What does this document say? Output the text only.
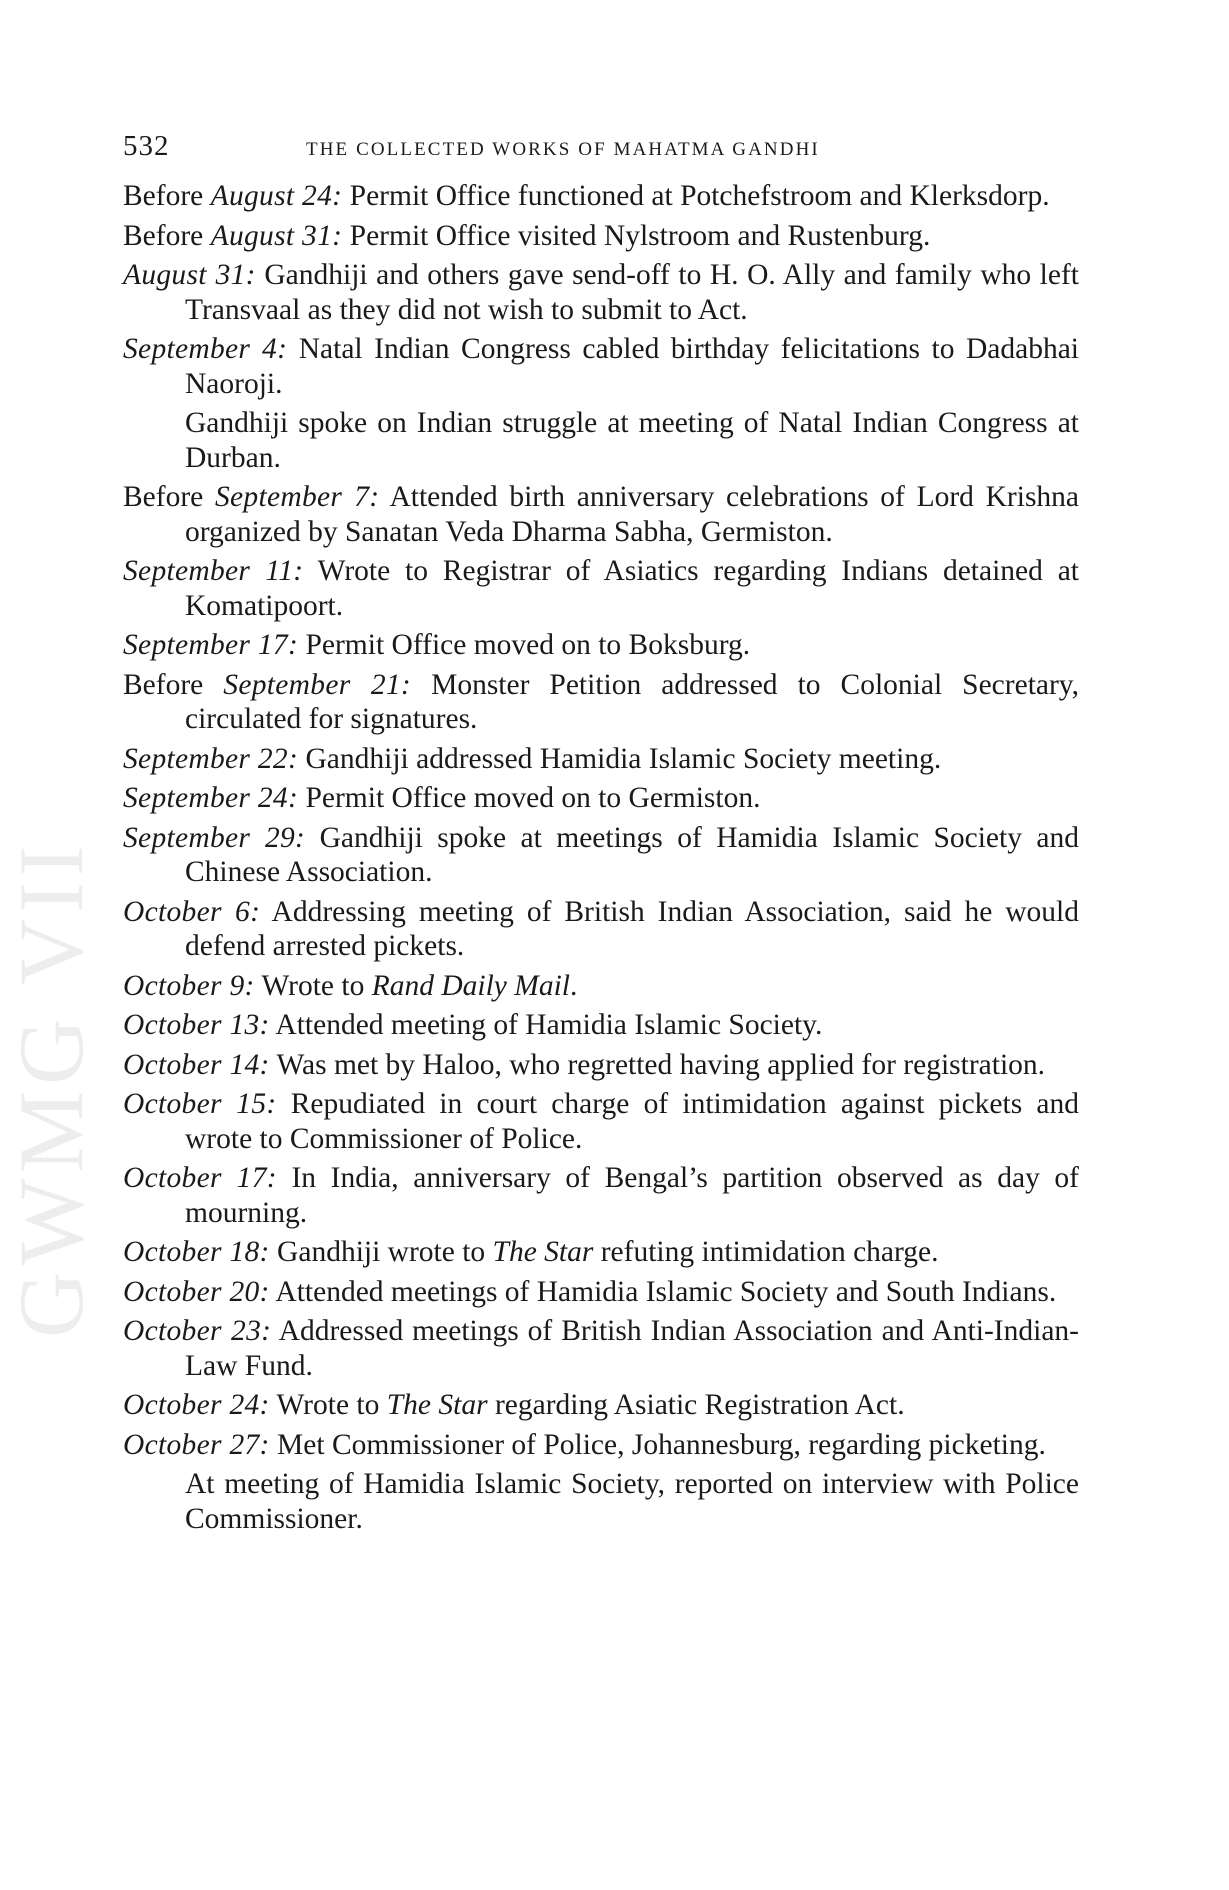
GWMG VII
532	THE COLLECTED WORKS OF MAHATMA GANDHI

Before August 24: Permit Office functioned at Potchefstroom and Klerksdorp.

Before August 31: Permit Office visited Nylstroom and Rustenburg.

August 31: Gandhiji and others gave send-off to H. O. Ally and family who left Transvaal as they did not wish to submit to Act.

September 4: Natal Indian Congress cabled birthday felicitations to Dadabhai Naoroji.

Gandhiji spoke on Indian struggle at meeting of Natal Indian Congress at Durban.

Before September 7: Attended birth anniversary celebrations of Lord Krishna organized by Sanatan Veda Dharma Sabha, Germiston.

September 11: Wrote to Registrar of Asiatics regarding Indians detained at Komatipoort.

September 17: Permit Office moved on to Boksburg.

Before September 21: Monster Petition addressed to Colonial Secretary, circulated for signatures.

September 22: Gandhiji addressed Hamidia Islamic Society meeting.

September 24: Permit Office moved on to Germiston.

September 29: Gandhiji spoke at meetings of Hamidia Islamic Society and Chinese Association.

October 6: Addressing meeting of British Indian Association, said he would defend arrested pickets.

October 9: Wrote to Rand Daily Mail.

October 13: Attended meeting of Hamidia Islamic Society.

October 14: Was met by Haloo, who regretted having applied for registration.

October 15: Repudiated in court charge of intimidation against pickets and wrote to Commissioner of Police.

October 17: In India, anniversary of Bengal’s partition observed as day of mourning.

October 18: Gandhiji wrote to The Star refuting intimidation charge.

October 20: Attended meetings of Hamidia Islamic Society and South Indians.

October 23: Addressed meetings of British Indian Association and Anti-Indian-Law Fund.

October 24: Wrote to The Star regarding Asiatic Registration Act.

October 27: Met Commissioner of Police, Johannesburg, regarding picketing.

At meeting of Hamidia Islamic Society, reported on interview with Police Commissioner.
